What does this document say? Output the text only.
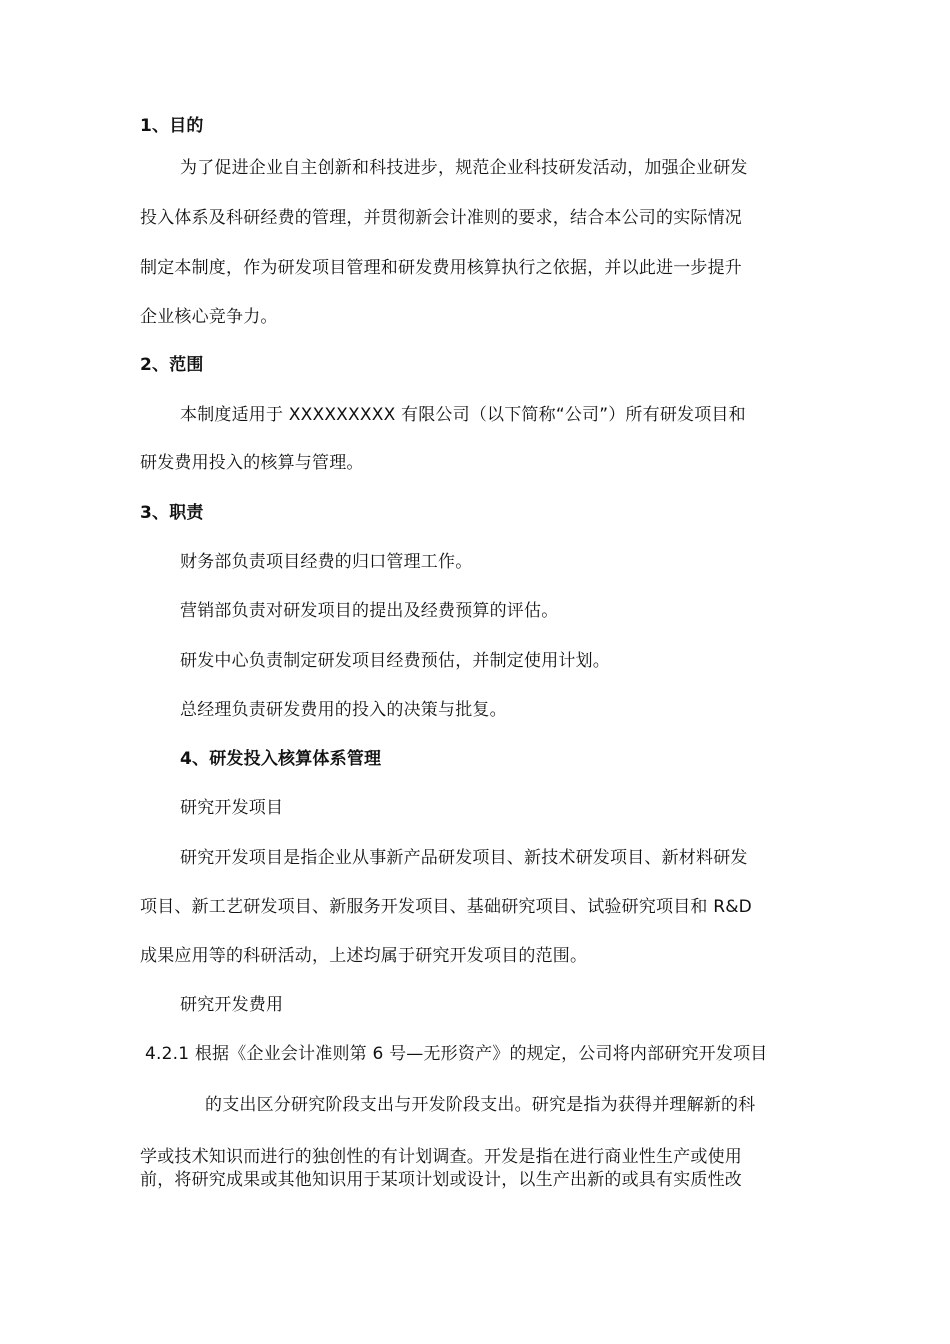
1、目的
为了促进企业自主创新和科技进步，规范企业科技研发活动，加强企业研发
投入体系及科研经费的管理，并贯彻新会计准则的要求，结合本公司的实际情况
制定本制度，作为研发项目管理和研发费用核算执行之依据，并以此进一步提升
企业核心竞争力。
2、范围
本制度适用于 XXXXXXXXX 有限公司（以下简称“公司”）所有研发项目和
研发费用投入的核算与管理。
3、职责
财务部负责项目经费的归口管理工作。
营销部负责对研发项目的提出及经费预算的评估。
研发中心负责制定研发项目经费预估，并制定使用计划。
总经理负责研发费用的投入的决策与批复。
4、研发投入核算体系管理
研究开发项目
研究开发项目是指企业从事新产品研发项目、新技术研发项目、新材料研发
项目、新工艺研发项目、新服务开发项目、基础研究项目、试验研究项目和 R&D
成果应用等的科研活动，上述均属于研究开发项目的范围。
研究开发费用
4.2.1 根据《企业会计准则第 6 号—无形资产》的规定，公司将内部研究开发项目
的支出区分研究阶段支出与开发阶段支出。研究是指为获得并理解新的科
学或技术知识而进行的独创性的有计划调查。开发是指在进行商业性生产或使用
前，将研究成果或其他知识用于某项计划或设计，以生产出新的或具有实质性改
